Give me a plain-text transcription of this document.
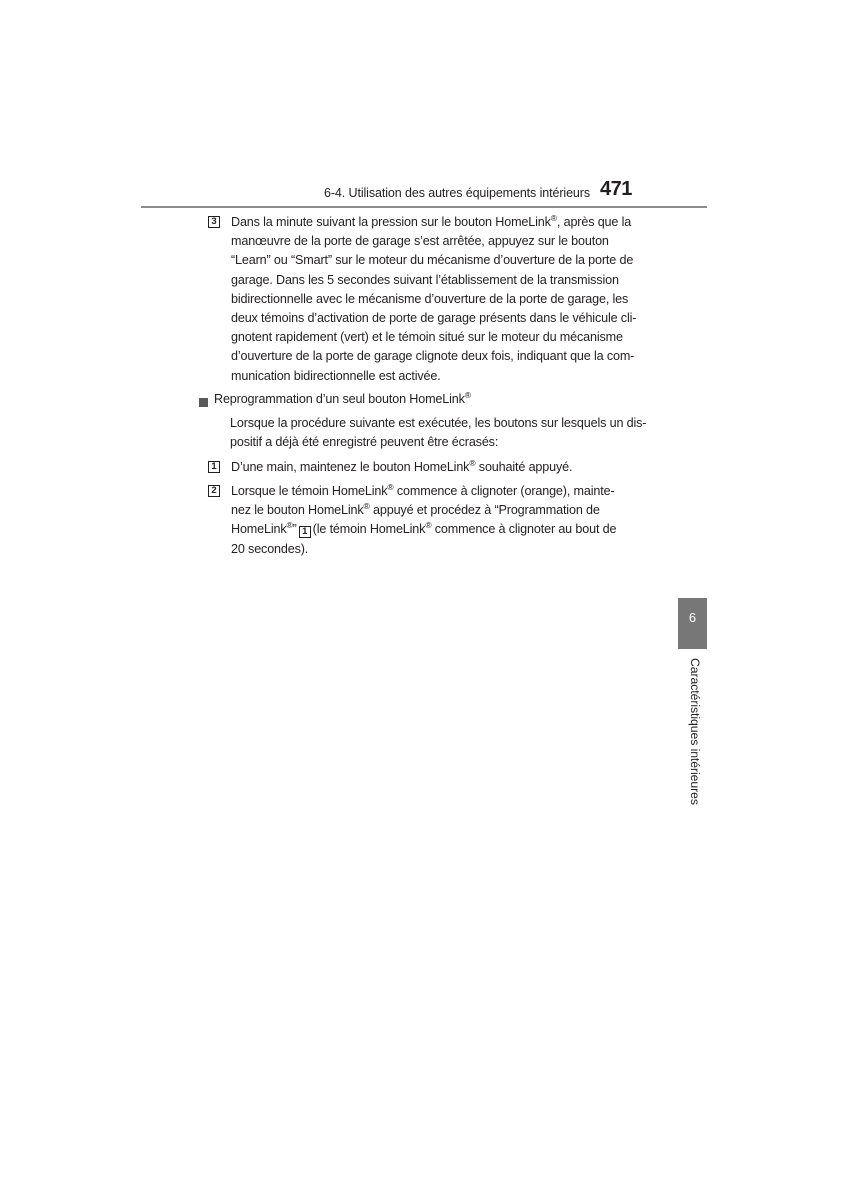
6-4. Utilisation des autres équipements intérieurs 471
3 Dans la minute suivant la pression sur le bouton HomeLink®, après que la
manœuvre de la porte de garage s’est arrêtée, appuyez sur le bouton
“Learn” ou “Smart” sur le moteur du mécanisme d’ouverture de la porte de
garage. Dans les 5 secondes suivant l’établissement de la transmission
bidirectionnelle avec le mécanisme d’ouverture de la porte de garage, les
deux témoins d’activation de porte de garage présents dans le véhicule cli-
gnotent rapidement (vert) et le témoin situé sur le moteur du mécanisme
d’ouverture de la porte de garage clignote deux fois, indiquant que la com-
munication bidirectionnelle est activée.
Reprogrammation d’un seul bouton HomeLink®
Lorsque la procédure suivante est exécutée, les boutons sur lesquels un dis-
positif a déjà été enregistré peuvent être écrasés:
1 D’une main, maintenez le bouton HomeLink® souhaité appuyé.
2 Lorsque le témoin HomeLink® commence à clignoter (orange), mainte-
nez le bouton HomeLink® appuyé et procédez à “Programmation de
HomeLink®” 1 (le témoin HomeLink® commence à clignoter au bout de
20 secondes).
6
Caractéristiques intérieures
